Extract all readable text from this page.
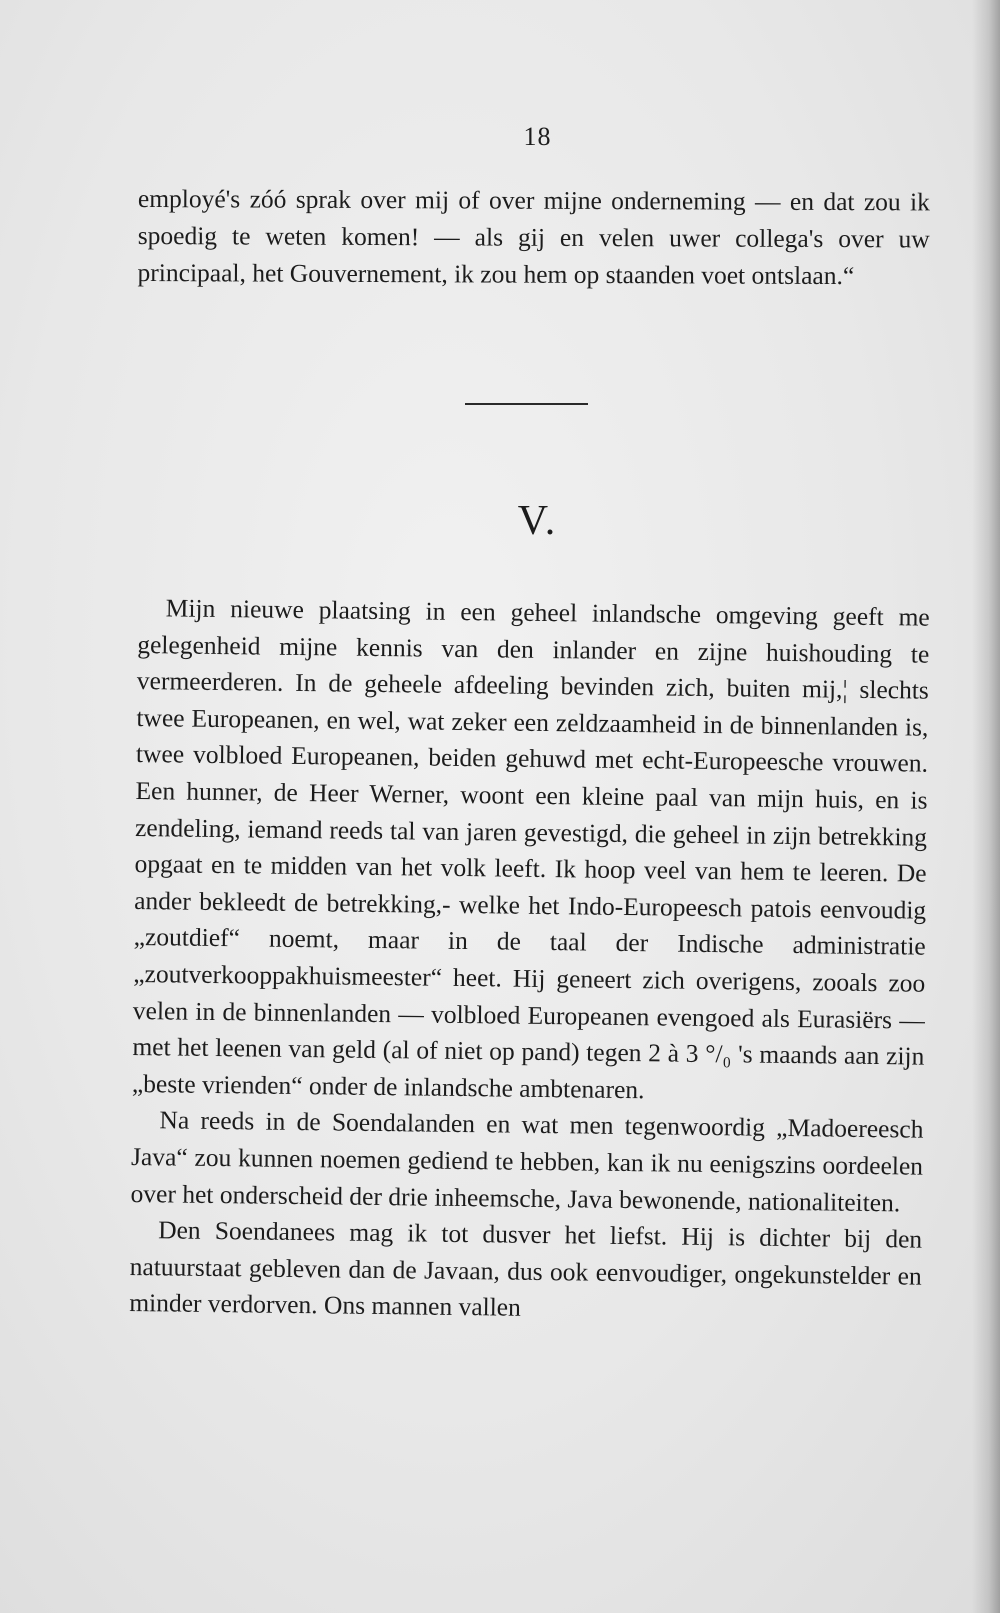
18

employé's zóó sprak over mij of over mijne onderneming — en dat zou ik spoedig te weten komen! — als gij en velen uwer collega's over uw principaal, het Gouvernement, ik zou hem op staanden voet ontslaan.“

V.

Mijn nieuwe plaatsing in een geheel inlandsche omgeving geeft me gelegenheid mijne kennis van den inlander en zijne huishouding te vermeerderen. In de geheele afdeeling bevinden zich, buiten mij,¦ slechts twee Europeanen, en wel, wat zeker een zeldzaamheid in de binnenlanden is, twee volbloed Europeanen, beiden gehuwd met echt-Europeesche vrouwen. Een hunner, de Heer Werner, woont een kleine paal van mijn huis, en is zendeling, iemand reeds tal van jaren gevestigd, die geheel in zijn betrekking opgaat en te midden van het volk leeft. Ik hoop veel van hem te leeren. De ander bekleedt de betrekking,- welke het Indo-Europeesch patois eenvoudig „zoutdief“ noemt, maar in de taal der Indische administratie „zoutverkooppakhuismeester“ heet. Hij geneert zich overigens, zooals zoo velen in de binnenlanden — volbloed Europeanen evengoed als Eurasiërs — met het leenen van geld (al of niet op pand) tegen 2 à 3 °/₀ 's maands aan zijn „beste vrienden“ onder de inlandsche ambtenaren.

Na reeds in de Soendalanden en wat men tegenwoordig „Madoereesch Java“ zou kunnen noemen gediend te hebben, kan ik nu eenigszins oordeelen over het onderscheid der drie inheemsche, Java bewonende, nationaliteiten.

Den Soendanees mag ik tot dusver het liefst. Hij is dichter bij den natuurstaat gebleven dan de Javaan, dus ook eenvoudiger, ongekunstelder en minder verdorven. Ons mannen vallen
